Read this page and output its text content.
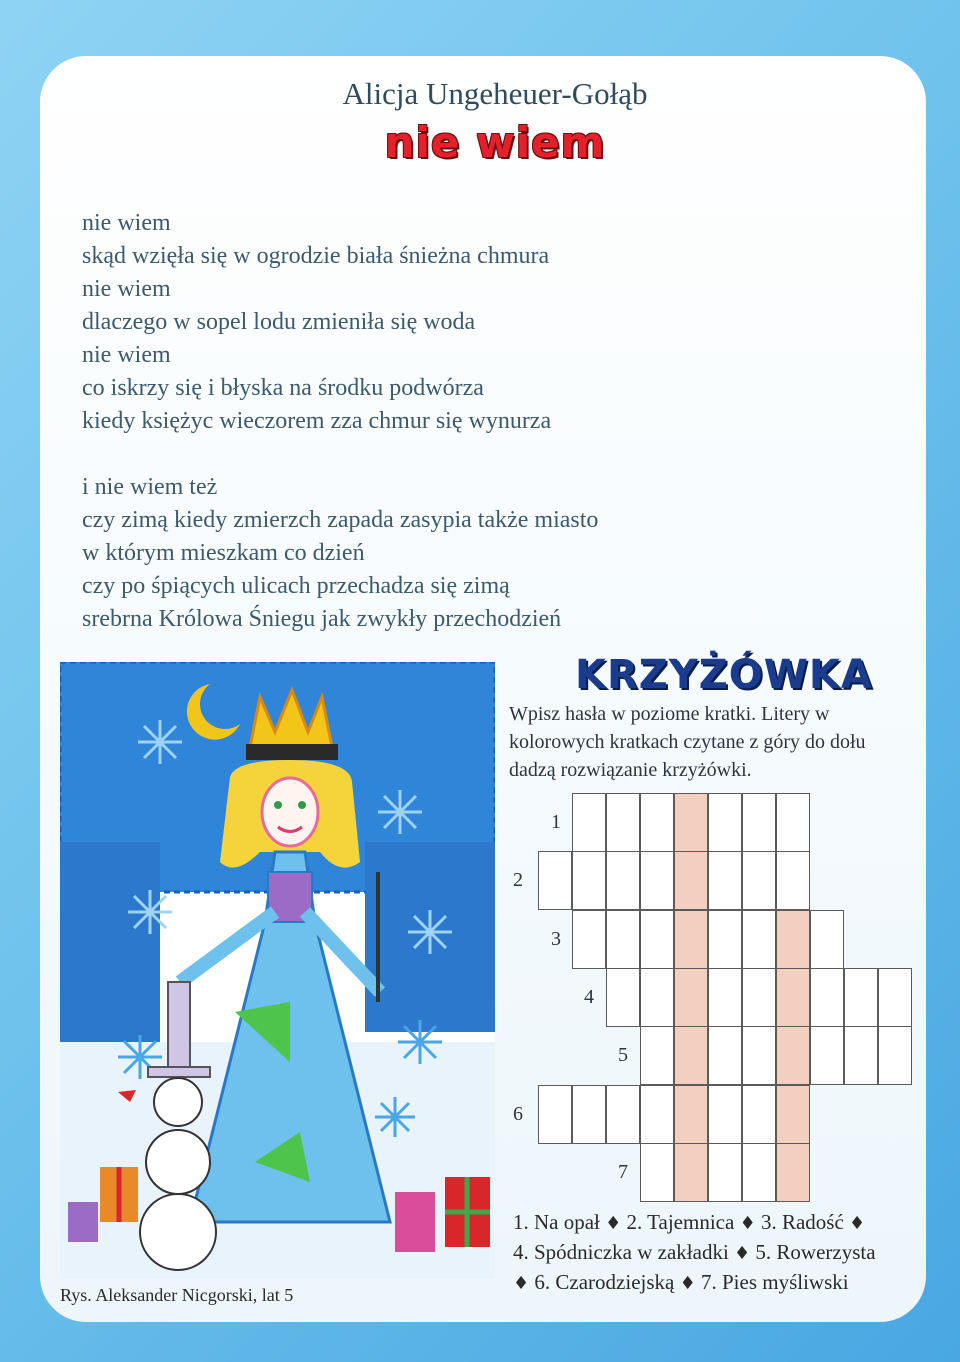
Alicja Ungeheuer-Gołąb
nie wiem
nie wiem
skąd wzięła się w ogrodzie biała śnieżna chmura
nie wiem
dlaczego w sopel lodu zmieniła się woda
nie wiem
co iskrzy się i błyska na środku podwórza
kiedy księżyc wieczorem zza chmur się wynurza
i nie wiem też
czy zimą kiedy zmierzch zapada zasypia także miasto
w którym mieszkam co dzień
czy po śpiących ulicach przechadza się zimą
srebrna Królowa Śniegu jak zwykły przechodzień
Rys. Aleksander Nicgorski, lat 5
KRZYŻÓWKA
Wpisz hasła w poziome kratki. Litery w kolorowych kratkach czytane z góry do dołu dadzą rozwiązanie krzyżówki.
1
2
3
4
5
6
7
1. Na opał ♦ 2. Tajemnica ♦ 3. Radość ♦
4. Spódniczka w zakładki ♦ 5. Rowerzysta
♦ 6. Czarodziejską ♦ 7. Pies myśliwski
